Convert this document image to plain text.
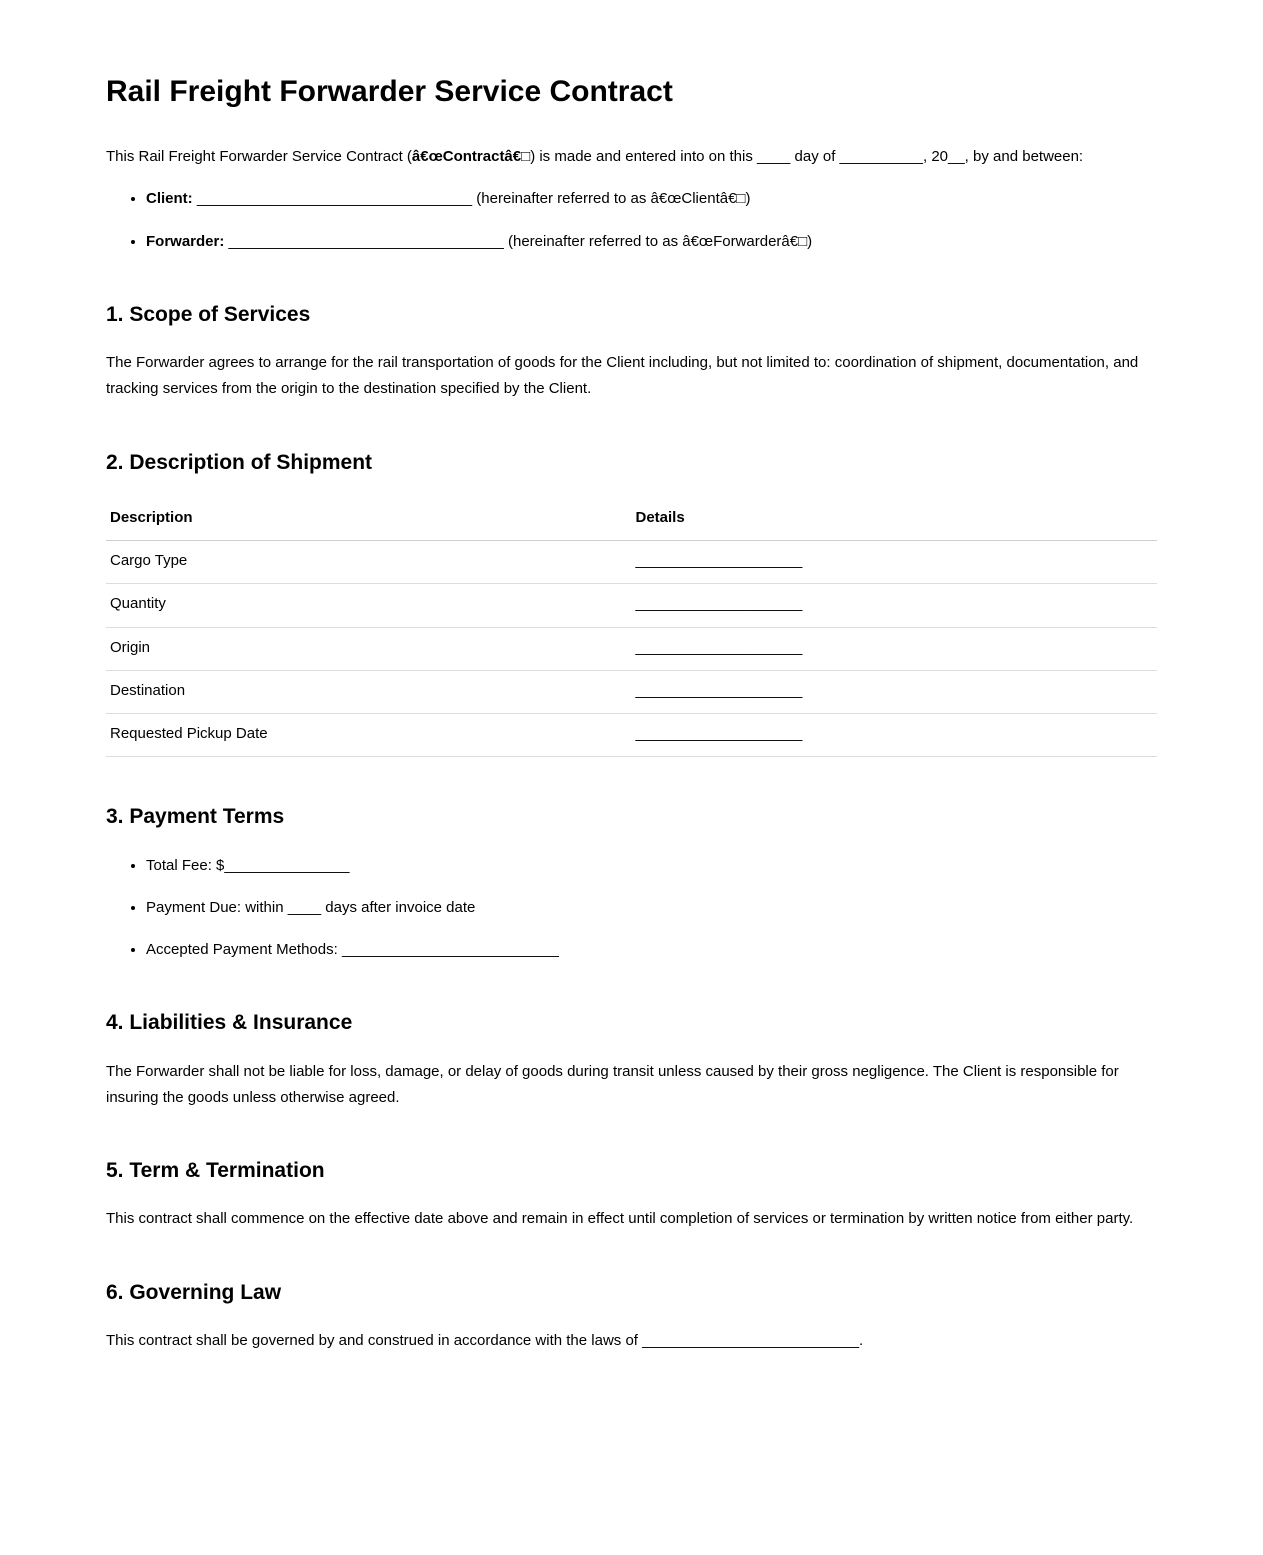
Rail Freight Forwarder Service Contract

This Rail Freight Forwarder Service Contract (â€œContractâ€□) is made and entered into on this ____ day of __________, 20__, by and between:

• Client: _________________________________ (hereinafter referred to as â€œClientâ€□)
• Forwarder: _________________________________ (hereinafter referred to as â€œForwarderâ€□)
1. Scope of Services

The Forwarder agrees to arrange for the rail transportation of goods for the Client including, but not limited to: coordination of shipment, documentation, and tracking services from the origin to the destination specified by the Client.

2. Description of Shipment
Description	Details
Cargo Type	____________________
Quantity	____________________
Origin	____________________
Destination	____________________
Requested Pickup Date	____________________
3. Payment Terms
• Total Fee: $_______________
• Payment Due: within ____ days after invoice date
• Accepted Payment Methods: __________________________
4. Liabilities & Insurance

The Forwarder shall not be liable for loss, damage, or delay of goods during transit unless caused by their gross negligence. The Client is responsible for insuring the goods unless otherwise agreed.

5. Term & Termination

This contract shall commence on the effective date above and remain in effect until completion of services or termination by written notice from either party.

6. Governing Law

This contract shall be governed by and construed in accordance with the laws of __________________________.
